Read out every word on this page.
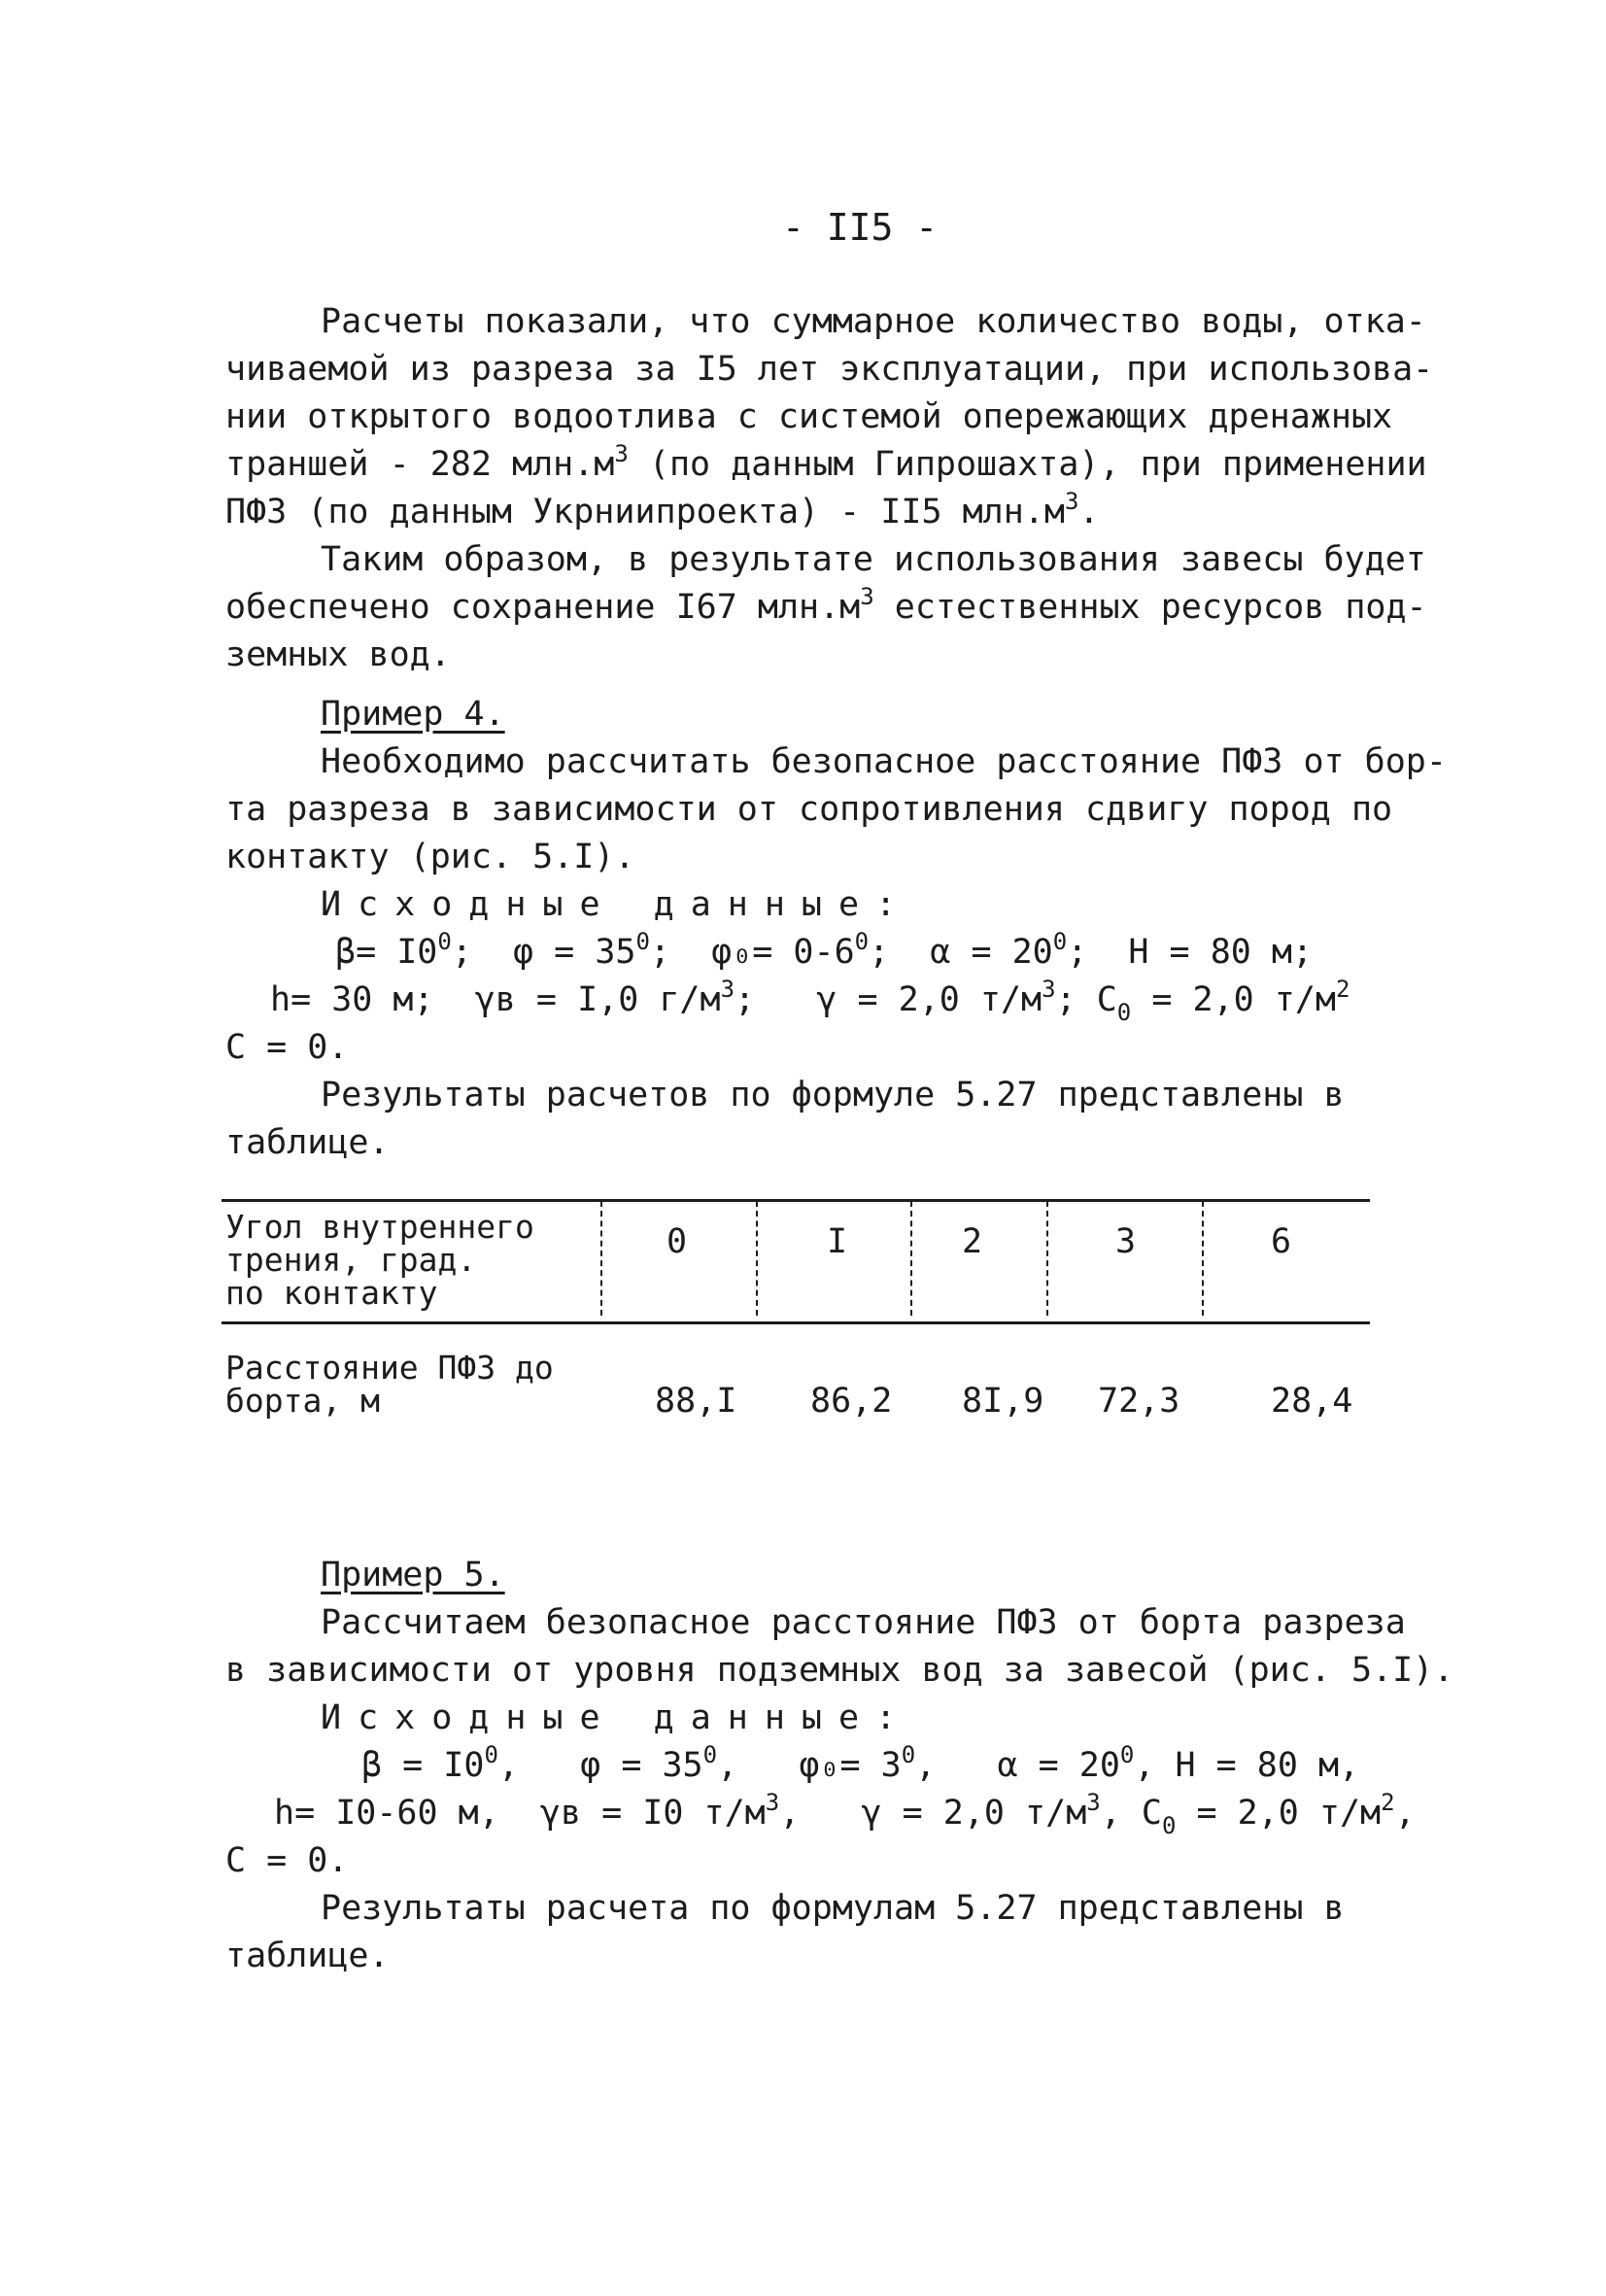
- II5 -
Расчеты показали, что суммарное количество воды, отка-
чиваемой из разреза за I5 лет эксплуатации, при использова-
нии открытого водоотлива с системой опережающих дренажных
траншей - 282 $млн.м^3$ (по данным Гипрошахта), при применении
ПФЗ (по данным Укрниипроекта) - II5 $млн.м^3$.
Таким образом, в результате использования завесы будет
обеспечено сохранение I67 $млн.м^3$ естественных ресурсов под-
земных вод.
Пример 4.
Необходимо рассчитать безопасное расстояние ПФЗ от бор-
та разреза в зависимости от сопротивления сдвигу пород по
контакту (рис. 5.I).
Исходные данные:
$\beta= I0^0$;  $\varphi = 35^0$;  $\varphi_0= 0-6^0$;  $\alpha = 20^0$;  H = 80 м;
h= 30 м;  γв = I,0 $г/м^3$;   γ = 2,0 $т/м^3$; $С_0 = 2,0$ $т/м^2$
С = 0.
Результаты расчетов по формуле 5.27 представлены в
таблице.
Угол внутреннего
трения, град.
по контакту
0	I	2	3	6
Расстояние ПФЗ до
борта, м	88,I 86,2 8I,9 72,3	28,4
Пример 5.
Рассчитаем безопасное расстояние ПФЗ от борта разреза
в зависимости от уровня подземных вод за завесой (рис. 5.I).
Исходные данные:
$\beta = I0^0$,   $\varphi = 35^0$,   $\varphi_0= 3^0$,   $\alpha = 20^0$, H = 80 м,
h= I0-60 м,  γв = I0 $т/м^3$,   γ = 2,0 $т/м^3$, $С_0 = 2,0$ $т/м^2$,
С = 0.
Результаты расчета по формулам 5.27 представлены в
таблице.
